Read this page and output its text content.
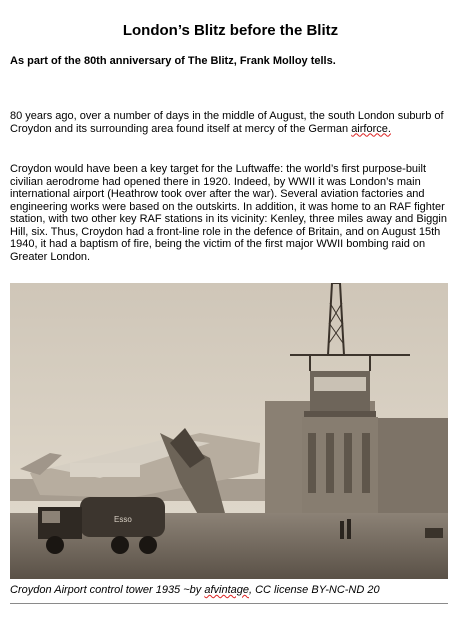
London’s Blitz before the Blitz
As part of the 80th anniversary of The Blitz, Frank Molloy tells.
80 years ago, over a number of days in the middle of August, the south London suburb of Croydon and its surrounding area found itself at mercy of the German airforce.
Croydon would have been a key target for the Luftwaffe: the world’s first purpose-built civilian aerodrome had opened there in 1920. Indeed, by WWII it was London’s main international airport (Heathrow took over after the war). Several aviation factories and engineering works were based on the outskirts. In addition, it was home to an RAF fighter station, with two other key RAF stations in its vicinity: Kenley, three miles away and Biggin Hill, six. Thus, Croydon had a front-line role in the defence of Britain, and on August 15th 1940, it had a baptism of fire, being the victim of the first major WWII bombing raid on Greater London.
Esso
Croydon Airport control tower 1935 ~by afvintage, CC license BY-NC-ND 20
